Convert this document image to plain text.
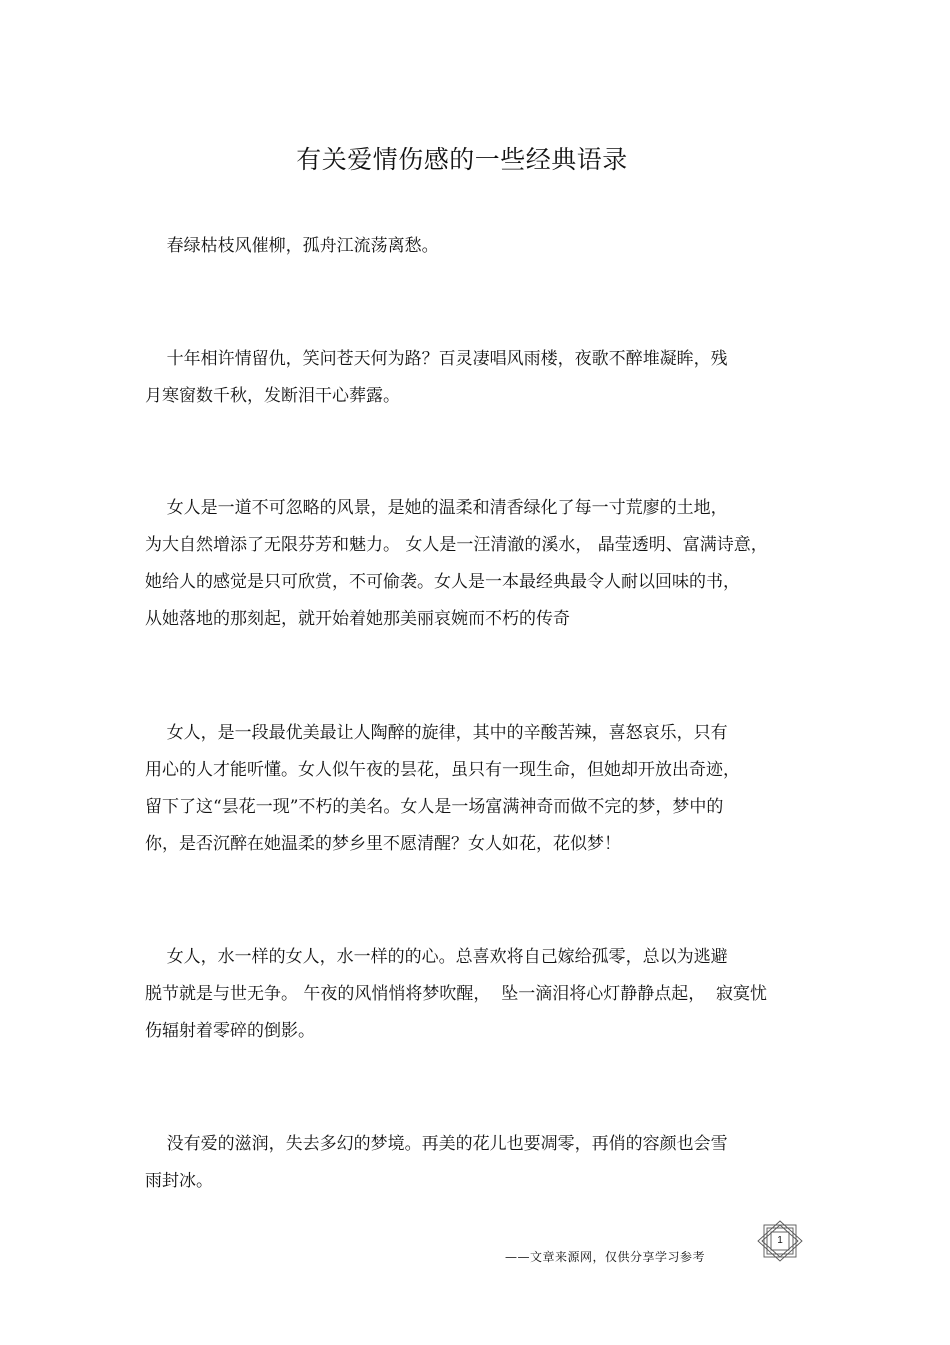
有关爱情伤感的一些经典语录
春绿枯枝风催柳，孤舟江流荡离愁。
十年相许情留仇，笑问苍天何为路？百灵凄唱风雨楼，夜歌不醉堆凝眸，残
月寒窗数千秋，发断泪干心葬露。
女人是一道不可忽略的风景，是她的温柔和清香绿化了每一寸荒廖的土地，
为大自然增添了无限芬芳和魅力。 女人是一汪清澈的溪水， 晶莹透明、富满诗意，
她给人的感觉是只可欣赏，不可偷袭。女人是一本最经典最令人耐以回味的书，
从她落地的那刻起，就开始着她那美丽哀婉而不朽的传奇
女人，是一段最优美最让人陶醉的旋律，其中的辛酸苦辣，喜怒哀乐，只有
用心的人才能听懂。女人似午夜的昙花，虽只有一现生命，但她却开放出奇迹，
留下了这“昙花一现”不朽的美名。女人是一场富满神奇而做不完的梦，梦中的
你，是否沉醉在她温柔的梦乡里不愿清醒？女人如花，花似梦！
女人，水一样的女人，水一样的的心。总喜欢将自己嫁给孤零，总以为逃避
脱节就是与世无争。 午夜的风悄悄将梦吹醒，  坠一滴泪将心灯静静点起，  寂寞忧
伤辐射着零碎的倒影。
没有爱的滋润，失去多幻的梦境。再美的花儿也要凋零，再俏的容颜也会雪
雨封冰。
——文章来源网，仅供分享学习参考
1
